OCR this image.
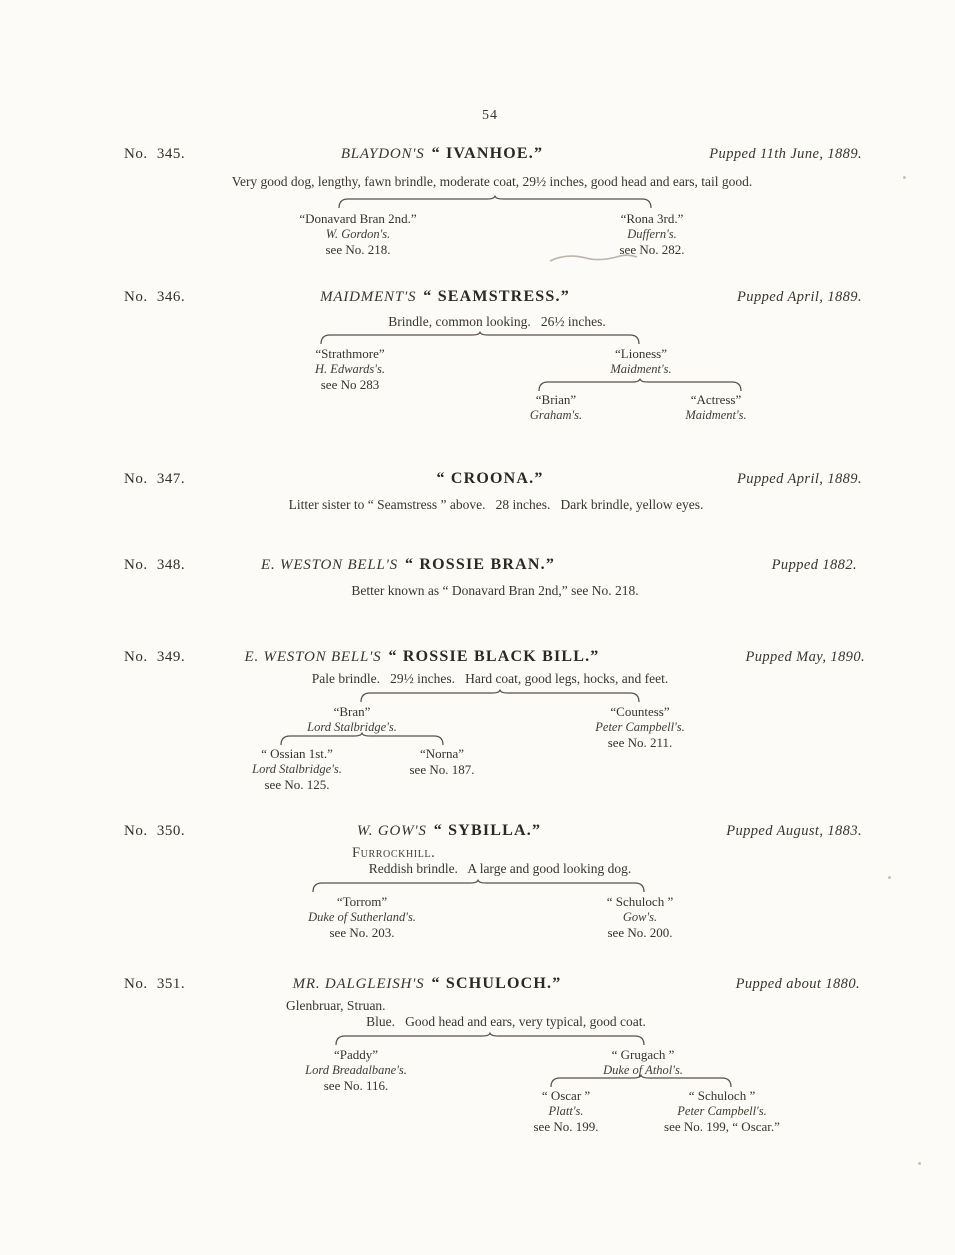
54
No. 345.	BLAYDON'S “ IVANHOE.”	Pupped 11th June, 1889.
Very good dog, lengthy, fawn brindle, moderate coat, 29½ inches, good head and ears, tail good.
“Donavard Bran 2nd.”
W. Gordon's.
see No. 218.
“Rona 3rd.”
Duffern's.
see No. 282.
No. 346.	MAIDMENT'S “ SEAMSTRESS.”	Pupped April, 1889.
Brindle, common looking.   26½ inches.
“Strathmore”
H. Edwards's.
see No 283
“Lioness”
Maidment's.
“Brian”
Graham's.
“Actress”
Maidment's.
No. 347.	“ CROONA.”	Pupped April, 1889.
Litter sister to “ Seamstress ” above.   28 inches.   Dark brindle, yellow eyes.
No. 348.	E. WESTON BELL'S “ ROSSIE BRAN.”	Pupped 1882.
Better known as “ Donavard Bran 2nd,” see No. 218.
No. 349.	E. WESTON BELL'S “ ROSSIE BLACK BILL.”	Pupped May, 1890.
Pale brindle.   29½ inches.   Hard coat, good legs, hocks, and feet.
“Bran”
Lord Stalbridge's.
“Countess”
Peter Campbell's.
see No. 211.
“ Ossian 1st.”
Lord Stalbridge's.
see No. 125.
“Norna”
see No. 187.
No. 350.	W. GOW'S “ SYBILLA.”	Pupped August, 1883.
Furrockhill.
Reddish brindle.   A large and good looking dog.
“Torrom”
Duke of Sutherland's.
see No. 203.
“ Schuloch ”
Gow's.
see No. 200.
No. 351.	MR. DALGLEISH'S “ SCHULOCH.”	Pupped about 1880.
Glenbruar, Struan.
Blue.   Good head and ears, very typical, good coat.
“Paddy”
Lord Breadalbane's.
see No. 116.
“ Grugach ”
Duke of Athol's.
“ Oscar ”
Platt's.
see No. 199.
“ Schuloch ”
Peter Campbell's.
see No. 199, “ Oscar.”
